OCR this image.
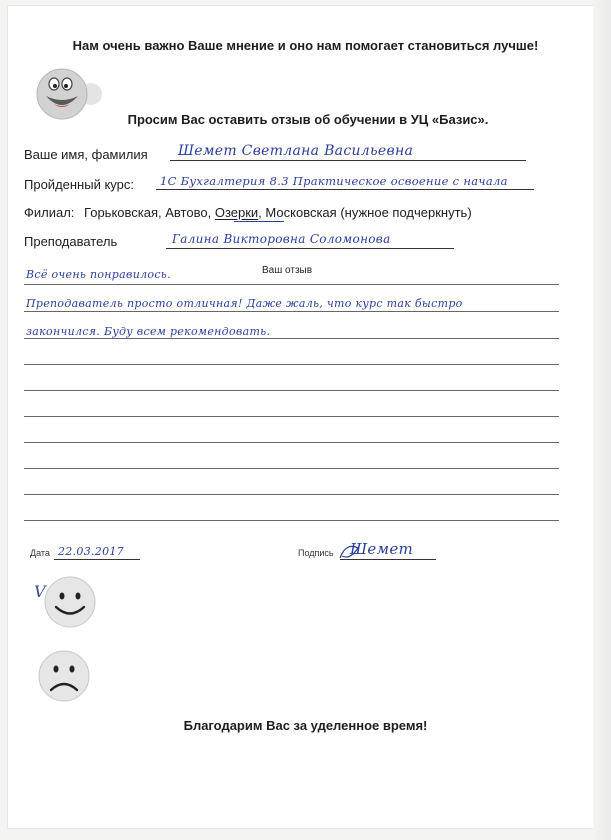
Нам очень важно Ваше мнение и оно нам помогает становиться лучше!
Просим Вас оставить отзыв об обучении в УЦ «Базис».
Ваше имя, фамилия Шемет Светлана Васильевна
Пройденный курс: 1С Бухгалтерия 8.3 Практическое освоение с начала
Филиал: Горьковская, Автово, Озерки, Московская (нужное подчеркнуть)
Преподаватель	Галина Викторовна Соломонова
Ваш отзыв
Всё очень понравилось.
Преподаватель просто отличная! Даже жаль, что курс так быстро
закончился. Буду всем рекомендовать.
Дата 22.03.2017	Подпись Шемет
V
Благодарим Вас за уделенное время!
